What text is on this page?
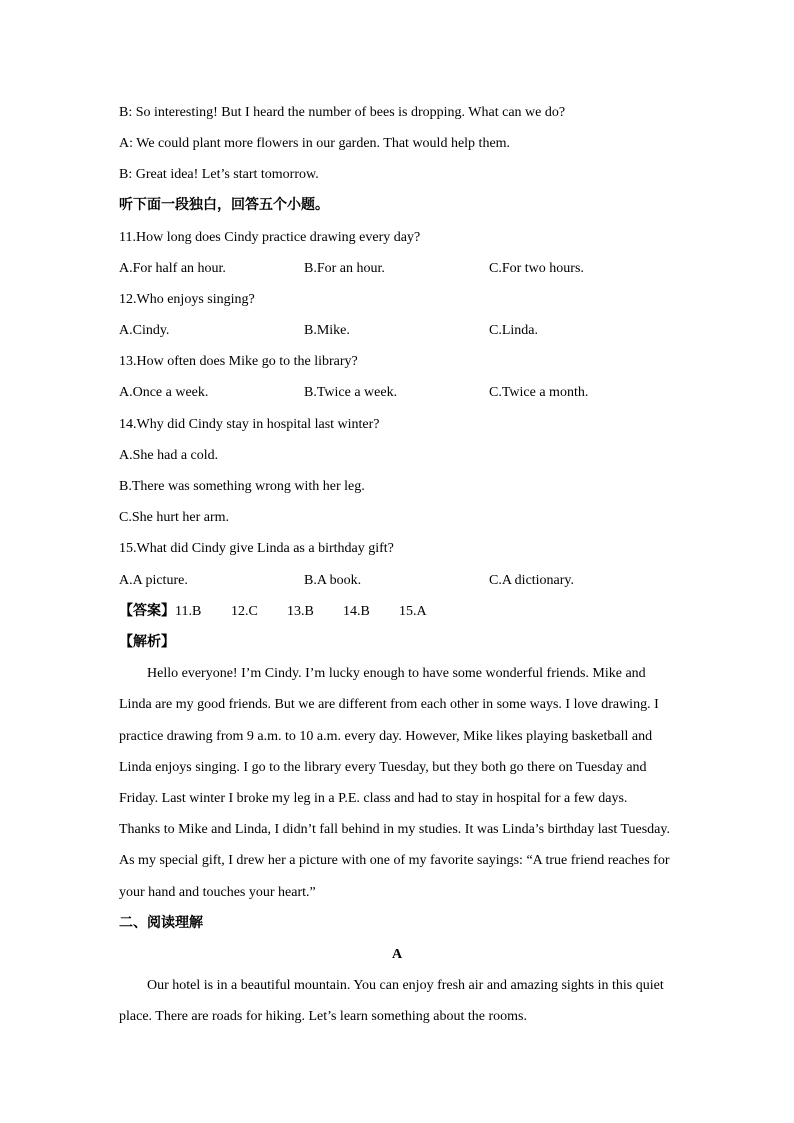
B: So interesting! But I heard the number of bees is dropping. What can we do?
A: We could plant more flowers in our garden. That would help them.
B: Great idea! Let’s start tomorrow.
听下面一段独白，回答五个小题。
11.How long does Cindy practice drawing every day?
A.For half an hour.	B.For an hour.	C.For two hours.
12.Who enjoys singing?
A.Cindy.	B.Mike.	C.Linda.
13.How often does Mike go to the library?
A.Once a week.	B.Twice a week.	C.Twice a month.
14.Why did Cindy stay in hospital last winter?
A.She had a cold.
B.There was something wrong with her leg.
C.She hurt her arm.
15.What did Cindy give Linda as a birthday gift?
A.A picture.	B.A book.	C.A dictionary.
【答案】11.B 12.C 13.B 14.B 15.A
【解析】
Hello everyone! I’m Cindy. I’m lucky enough to have some wonderful friends. Mike and
Linda are my good friends. But we are different from each other in some ways. I love drawing. I
practice drawing from 9 a.m. to 10 a.m. every day. However, Mike likes playing basketball and
Linda enjoys singing. I go to the library every Tuesday, but they both go there on Tuesday and
Friday. Last winter I broke my leg in a P.E. class and had to stay in hospital for a few days.
Thanks to Mike and Linda, I didn’t fall behind in my studies. It was Linda’s birthday last Tuesday.
As my special gift, I drew her a picture with one of my favorite sayings: “A true friend reaches for
your hand and touches your heart.”
二、阅读理解
A
Our hotel is in a beautiful mountain. You can enjoy fresh air and amazing sights in this quiet
place. There are roads for hiking. Let’s learn something about the rooms.
